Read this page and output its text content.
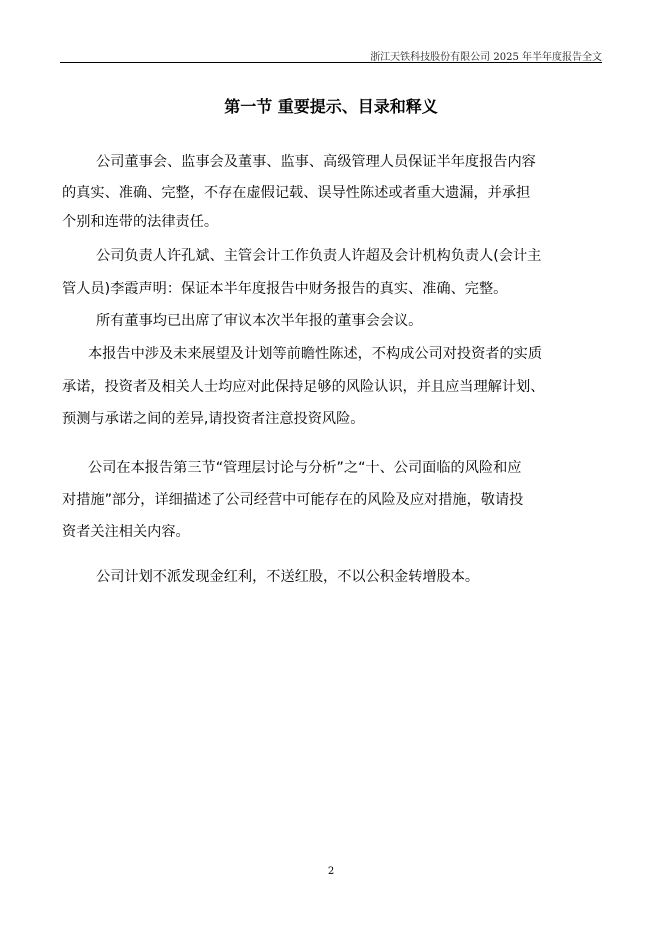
浙江天铁科技股份有限公司 2025 年半年度报告全文
第一节 重要提示、目录和释义
公司董事会、监事会及董事、监事、高级管理人员保证半年度报告内容
的真实、准确、完整，不存在虚假记载、误导性陈述或者重大遗漏，并承担
个别和连带的法律责任。
公司负责人许孔斌、主管会计工作负责人许超及会计机构负责人(会计主
管人员)李霞声明：保证本半年度报告中财务报告的真实、准确、完整。
所有董事均已出席了审议本次半年报的董事会会议。
本报告中涉及未来展望及计划等前瞻性陈述，不构成公司对投资者的实质
承诺，投资者及相关人士均应对此保持足够的风险认识，并且应当理解计划、
预测与承诺之间的差异,请投资者注意投资风险。
公司在本报告第三节“管理层讨论与分析”之“十、公司面临的风险和应
对措施”部分，详细描述了公司经营中可能存在的风险及应对措施，敬请投
资者关注相关内容。
公司计划不派发现金红利，不送红股，不以公积金转增股本。
2
